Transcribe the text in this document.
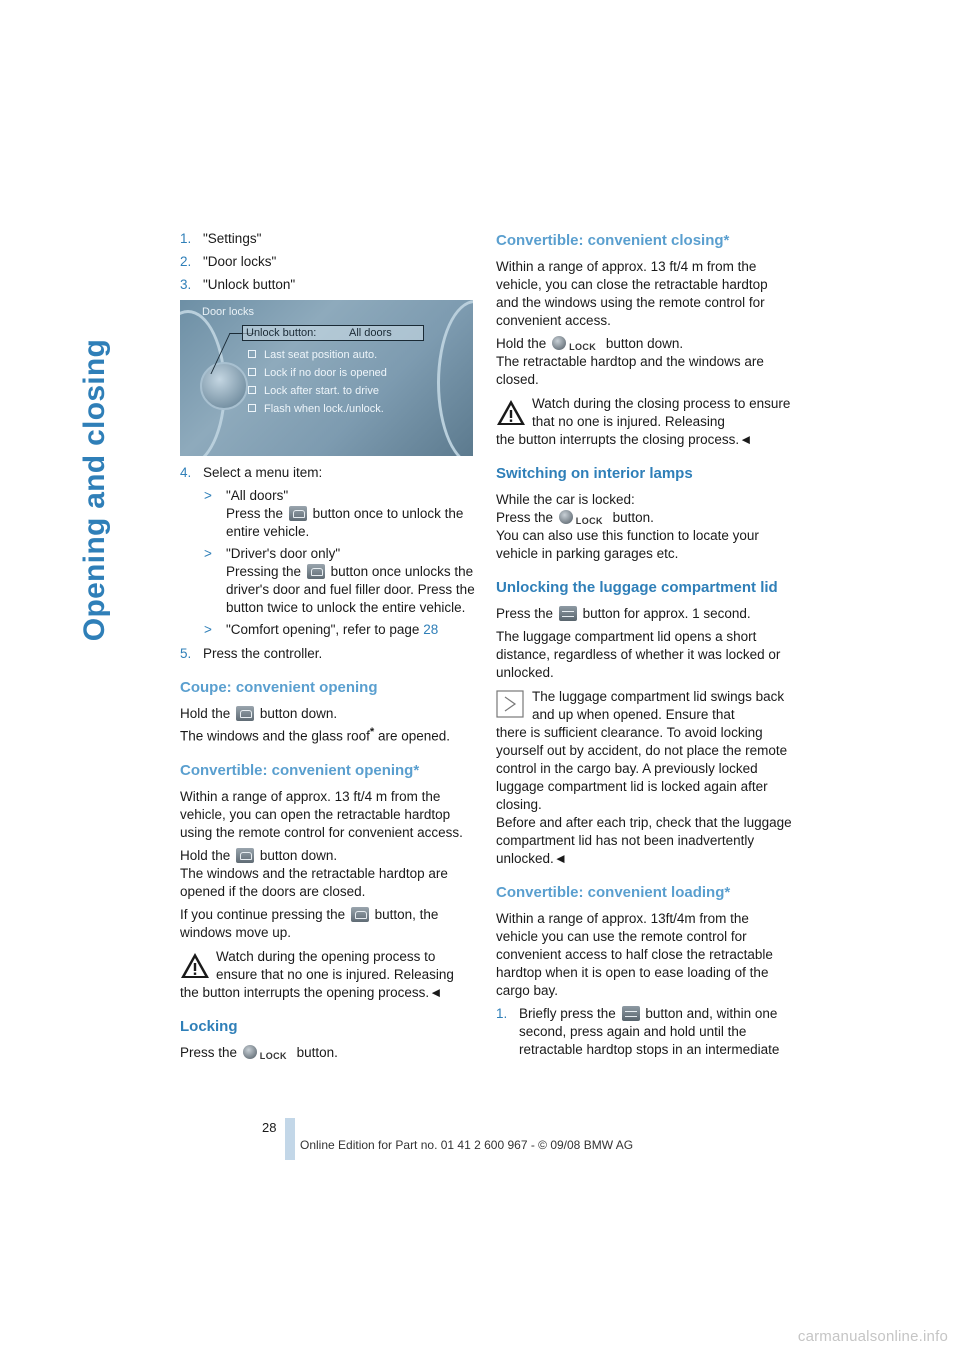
Opening and closing
1. "Settings"
2. "Door locks"
3. "Unlock button"
Door locks
Unlock button:	All doors
Last seat position auto.
Lock if no door is opened
Lock after start. to drive
Flash when lock./unlock.
4. Select a menu item:
> "All doors"
Press the button once to unlock the entire vehicle.
> "Driver's door only"
Pressing the button once unlocks the driver's door and fuel filler door. Press the button twice to unlock the entire vehicle.
> "Comfort opening", refer to page 28
5. Press the controller.
Coupe: convenient opening

Hold the button down.

The windows and the glass roof* are opened.

Convertible: convenient opening*

Within a range of approx. 13 ft/4 m from the vehicle, you can open the retractable hardtop using the remote control for convenient access.

Hold the button down.

The windows and the retractable hardtop are opened if the doors are closed.

If you continue pressing the button, the windows move up.

Watch during the opening process to ensure that no one is injured. Releasing
the button interrupts the opening process.◄
Locking

Press the	LOCK button.

Convertible: convenient closing*

Within a range of approx. 13 ft/4 m from the vehicle, you can close the retractable hardtop and the windows using the remote control for convenient access.

Hold the	LOCK button down.

The retractable hardtop and the windows are closed.

Watch during the closing process to ensure that no one is injured. Releasing
the button interrupts the closing process.◄
Switching on interior lamps

While the car is locked:

Press the	LOCK button.

You can also use this function to locate your vehicle in parking garages etc.

Unlocking the luggage compartment lid

Press the button for approx. 1 second.

The luggage compartment lid opens a short distance, regardless of whether it was locked or unlocked.

The luggage compartment lid swings back and up when opened. Ensure that
there is sufficient clearance. To avoid locking yourself out by accident, do not place the remote control in the cargo bay. A previously locked luggage compartment lid is locked again after closing.
Before and after each trip, check that the luggage compartment lid has not been inadvertently unlocked.◄
Convertible: convenient loading*

Within a range of approx. 13ft/4m from the vehicle you can use the remote control for convenient access to half close the retractable hardtop when it is open to ease loading of the cargo bay.

1. Briefly press the button and, within one second, press again and hold until the retractable hardtop stops in an intermediate
28
Online Edition for Part no. 01 41 2 600 967 - © 09/08 BMW AG
carmanualsonline.info
